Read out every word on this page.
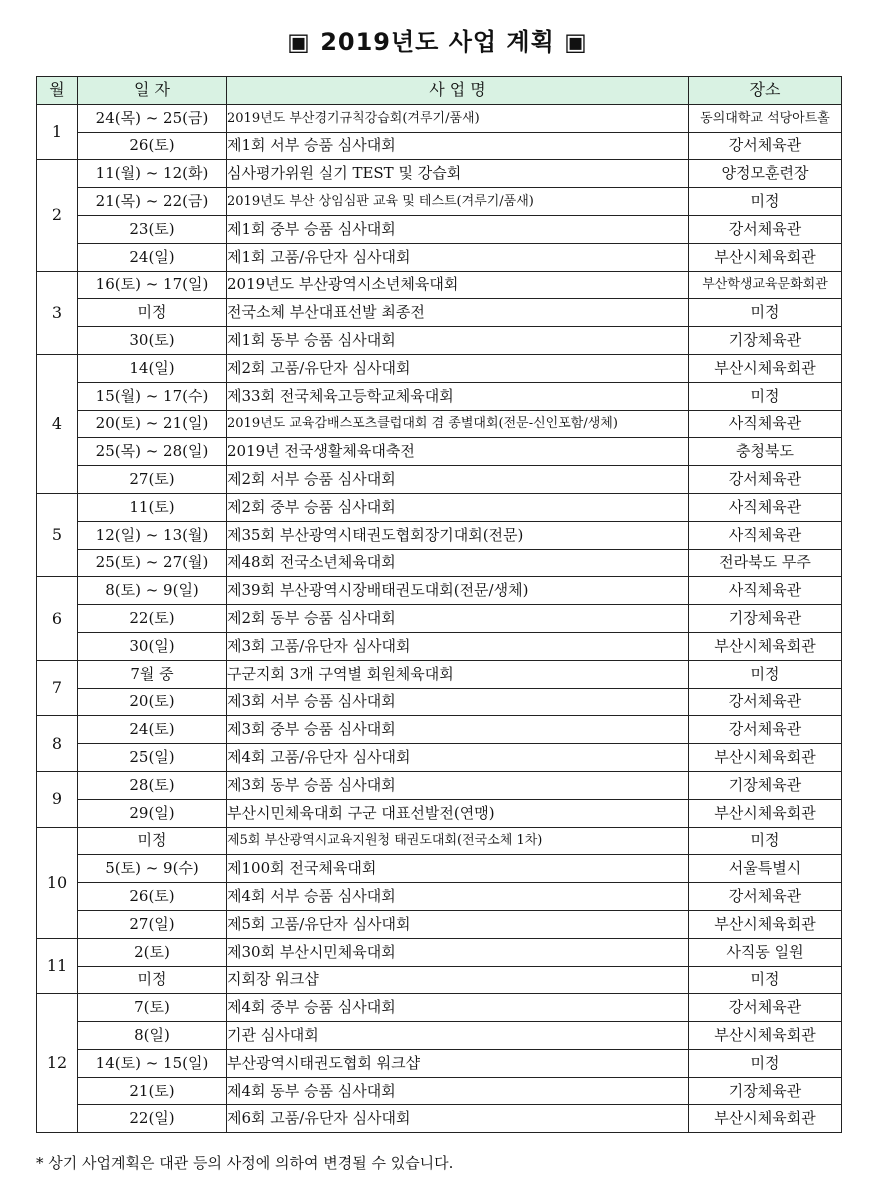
▣ 2019년도 사업 계획 ▣
월	일 자	사 업 명	장소
1	24(목) ~ 25(금)	2019년도 부산경기규칙강습회(겨루기/품새)	동의대학교 석당아트홀
	26(토)	제1회 서부 승품 심사대회	강서체육관
2	11(월) ~ 12(화)	심사평가위원 실기 TEST 및 강습회	양정모훈련장
	21(목) ~ 22(금)	2019년도 부산 상임심판 교육 및 테스트(겨루기/품새)	미정
	23(토)	제1회 중부 승품 심사대회	강서체육관
	24(일)	제1회 고품/유단자 심사대회	부산시체육회관
3	16(토) ~ 17(일)	2019년도 부산광역시소년체육대회	부산학생교육문화회관
	미정	전국소체 부산대표선발 최종전	미정
	30(토)	제1회 동부 승품 심사대회	기장체육관
4	14(일)	제2회 고품/유단자 심사대회	부산시체육회관
	15(월) ~ 17(수)	제33회 전국체육고등학교체육대회	미정
	20(토) ~ 21(일)	2019년도 교육감배스포츠클럽대회 겸 종별대회(전문-신인포함/생체)	사직체육관
	25(목) ~ 28(일)	2019년 전국생활체육대축전	충청북도
	27(토)	제2회 서부 승품 심사대회	강서체육관
5	11(토)	제2회 중부 승품 심사대회	사직체육관
	12(일) ~ 13(월)	제35회 부산광역시태권도협회장기대회(전문)	사직체육관
	25(토) ~ 27(월)	제48회 전국소년체육대회	전라북도 무주
6	8(토) ~ 9(일)	제39회 부산광역시장배태권도대회(전문/생체)	사직체육관
	22(토)	제2회 동부 승품 심사대회	기장체육관
	30(일)	제3회 고품/유단자 심사대회	부산시체육회관
7	7월 중	구군지회 3개 구역별 회원체육대회	미정
	20(토)	제3회 서부 승품 심사대회	강서체육관
8	24(토)	제3회 중부 승품 심사대회	강서체육관
	25(일)	제4회 고품/유단자 심사대회	부산시체육회관
9	28(토)	제3회 동부 승품 심사대회	기장체육관
	29(일)	부산시민체육대회 구군 대표선발전(연맹)	부산시체육회관
10	미정	제5회 부산광역시교육지원청 태권도대회(전국소체 1차)	미정
	5(토) ~ 9(수)	제100회 전국체육대회	서울특별시
	26(토)	제4회 서부 승품 심사대회	강서체육관
	27(일)	제5회 고품/유단자 심사대회	부산시체육회관
11	2(토)	제30회 부산시민체육대회	사직동 일원
	미정	지회장 워크샵	미정
12	7(토)	제4회 중부 승품 심사대회	강서체육관
	8(일)	기관 심사대회	부산시체육회관
	14(토) ~ 15(일)	부산광역시태권도협회 워크샵	미정
	21(토)	제4회 동부 승품 심사대회	기장체육관
	22(일)	제6회 고품/유단자 심사대회	부산시체육회관
* 상기 사업계획은 대관 등의 사정에 의하여 변경될 수 있습니다.
